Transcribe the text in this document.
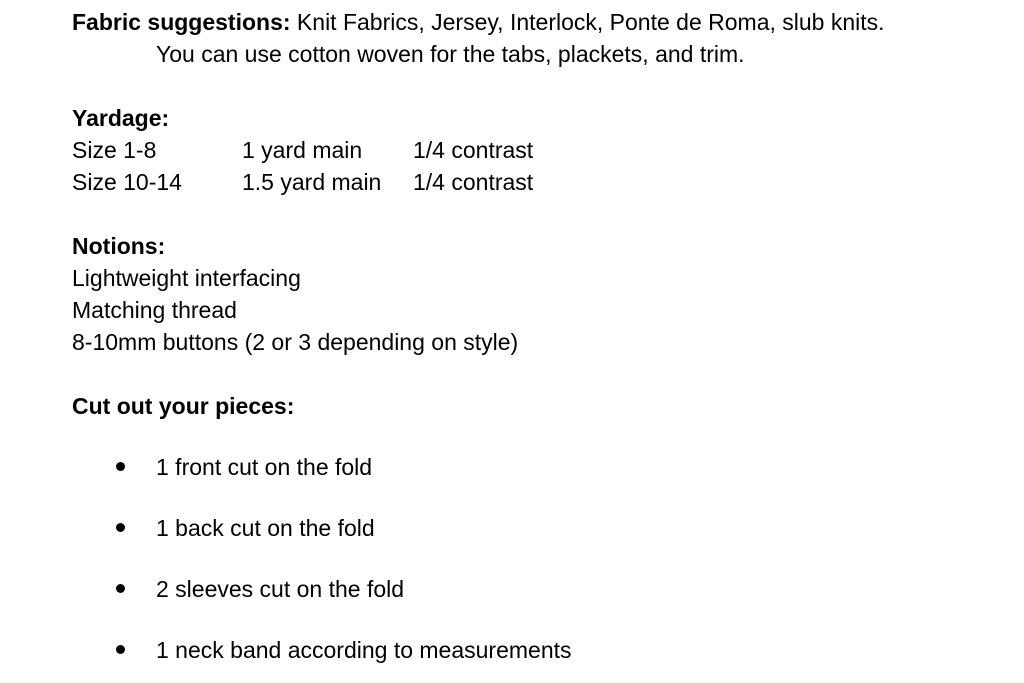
Fabric suggestions: Knit Fabrics, Jersey, Interlock, Ponte de Roma, slub knits.
You can use cotton woven for the tabs, plackets, and trim.
Yardage:
Size 1-8	1 yard main	1/4 contrast
Size 10-14	1.5 yard main	1/4 contrast
Notions:
Lightweight interfacing
Matching thread
8-10mm buttons (2 or 3 depending on style)
Cut out your pieces:
1 front cut on the fold
1 back cut on the fold
2 sleeves cut on the fold
1 neck band according to measurements
